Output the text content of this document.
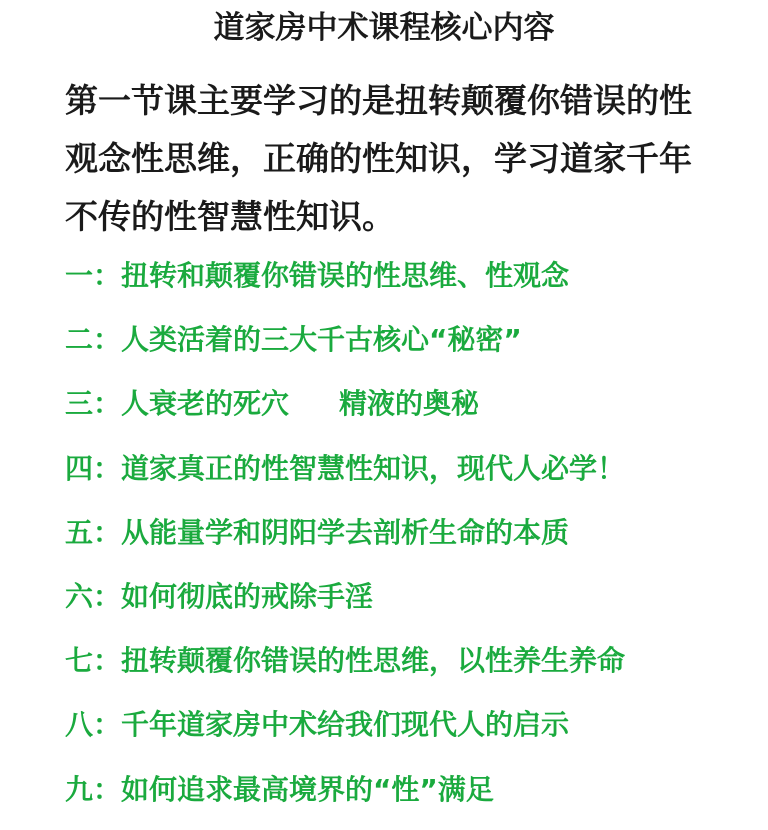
道家房中术课程核心内容

第一节课主要学习的是扭转颠覆你错误的性观念性思维，正确的性知识，学习道家千年不传的性智慧性知识。

一：扭转和颠覆你错误的性思维、性观念
二：人类活着的三大千古核心“秘密”
三：人衰老的死穴 精液的奥秘
四：道家真正的性智慧性知识，现代人必学！
五：从能量学和阴阳学去剖析生命的本质
六：如何彻底的戒除手淫
七：扭转颠覆你错误的性思维，以性养生养命
八：千年道家房中术给我们现代人的启示
九：如何追求最高境界的“性”满足
